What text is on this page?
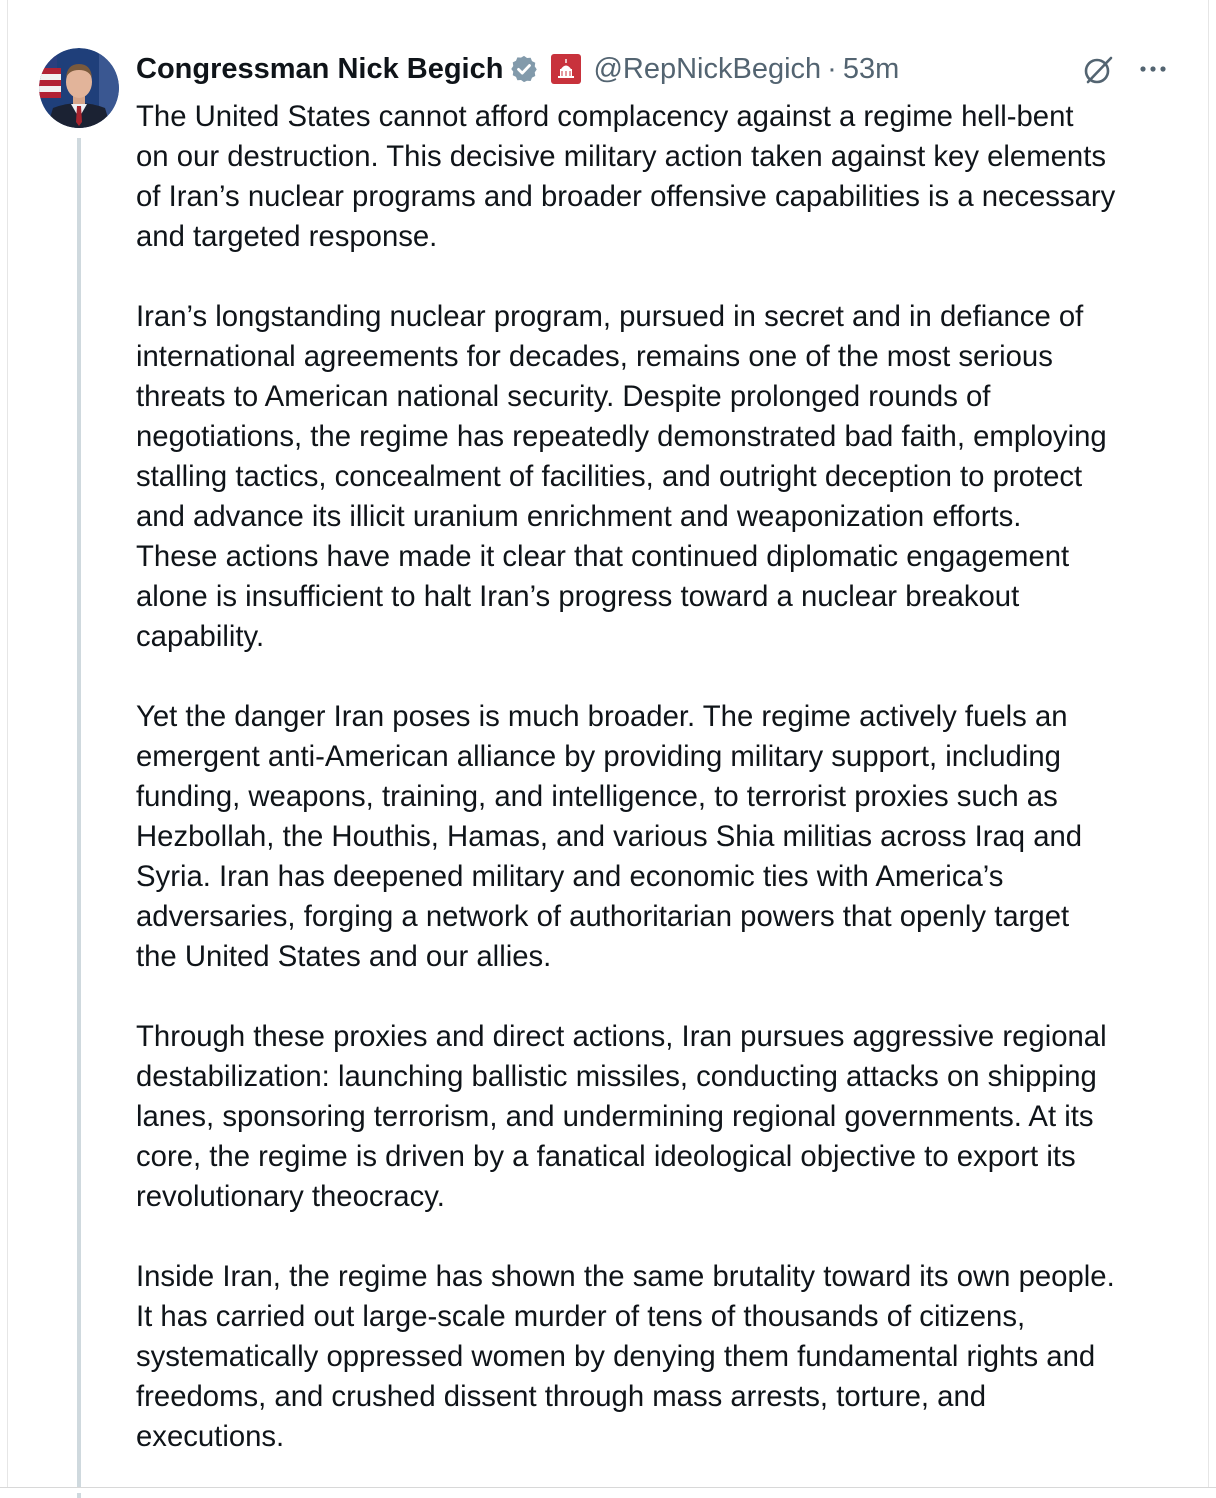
Congressman Nick Begich	@RepNickBegich · 53m

The United States cannot afford complacency against a regime hell-bent
on our destruction. This decisive military action taken against key elements
of Iran’s nuclear programs and broader offensive capabilities is a necessary
and targeted response.

Iran’s longstanding nuclear program, pursued in secret and in defiance of
international agreements for decades, remains one of the most serious
threats to American national security. Despite prolonged rounds of
negotiations, the regime has repeatedly demonstrated bad faith, employing
stalling tactics, concealment of facilities, and outright deception to protect
and advance its illicit uranium enrichment and weaponization efforts.
These actions have made it clear that continued diplomatic engagement
alone is insufficient to halt Iran’s progress toward a nuclear breakout
capability.

Yet the danger Iran poses is much broader. The regime actively fuels an
emergent anti-American alliance by providing military support, including
funding, weapons, training, and intelligence, to terrorist proxies such as
Hezbollah, the Houthis, Hamas, and various Shia militias across Iraq and
Syria. Iran has deepened military and economic ties with America’s
adversaries, forging a network of authoritarian powers that openly target
the United States and our allies.

Through these proxies and direct actions, Iran pursues aggressive regional
destabilization: launching ballistic missiles, conducting attacks on shipping
lanes, sponsoring terrorism, and undermining regional governments. At its
core, the regime is driven by a fanatical ideological objective to export its
revolutionary theocracy.

Inside Iran, the regime has shown the same brutality toward its own people.
It has carried out large-scale murder of tens of thousands of citizens,
systematically oppressed women by denying them fundamental rights and
freedoms, and crushed dissent through mass arrests, torture, and
executions.
